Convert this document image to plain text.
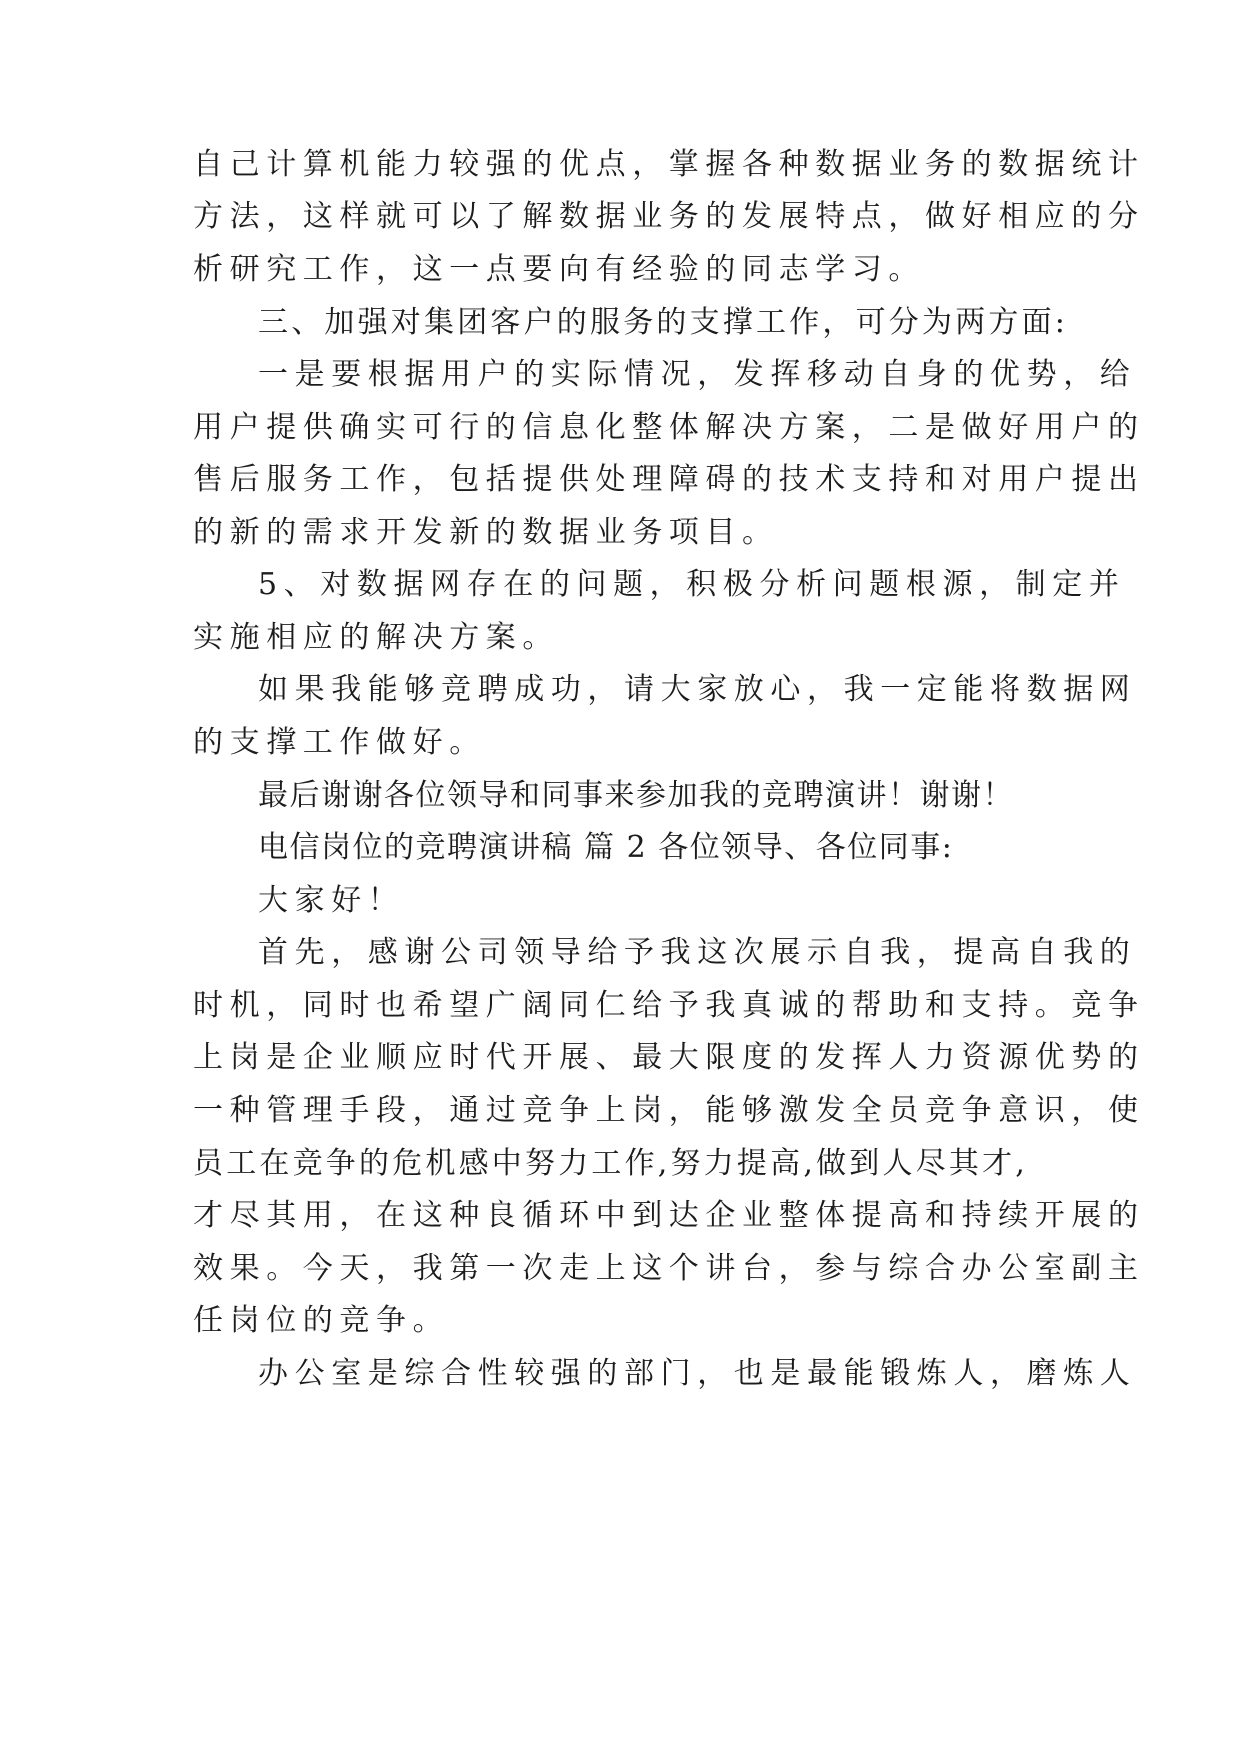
自己计算机能力较强的优点，掌握各种数据业务的数据统计
方法，这样就可以了解数据业务的发展特点，做好相应的分
析研究工作，这一点要向有经验的同志学习。
三、加强对集团客户的服务的支撑工作，可分为两方面:
一是要根据用户的实际情况，发挥移动自身的优势，给
用户提供确实可行的信息化整体解决方案，二是做好用户的
售后服务工作，包括提供处理障碍的技术支持和对用户提出
的新的需求开发新的数据业务项目。
5、对数据网存在的问题，积极分析问题根源，制定并
实施相应的解决方案。
如果我能够竞聘成功，请大家放心，我一定能将数据网
的支撑工作做好。
最后谢谢各位领导和同事来参加我的竞聘演讲！谢谢！
电信岗位的竞聘演讲稿 篇 2 各位领导、各位同事:
大家好！
首先，感谢公司领导给予我这次展示自我，提高自我的
时机，同时也希望广阔同仁给予我真诚的帮助和支持。竞争
上岗是企业顺应时代开展、最大限度的发挥人力资源优势的
一种管理手段，通过竞争上岗，能够激发全员竞争意识，使
员工在竞争的危机感中努力工作,努力提高,做到人尽其才,
才尽其用，在这种良循环中到达企业整体提高和持续开展的
效果。今天，我第一次走上这个讲台，参与综合办公室副主
任岗位的竞争。
办公室是综合性较强的部门，也是最能锻炼人，磨炼人
